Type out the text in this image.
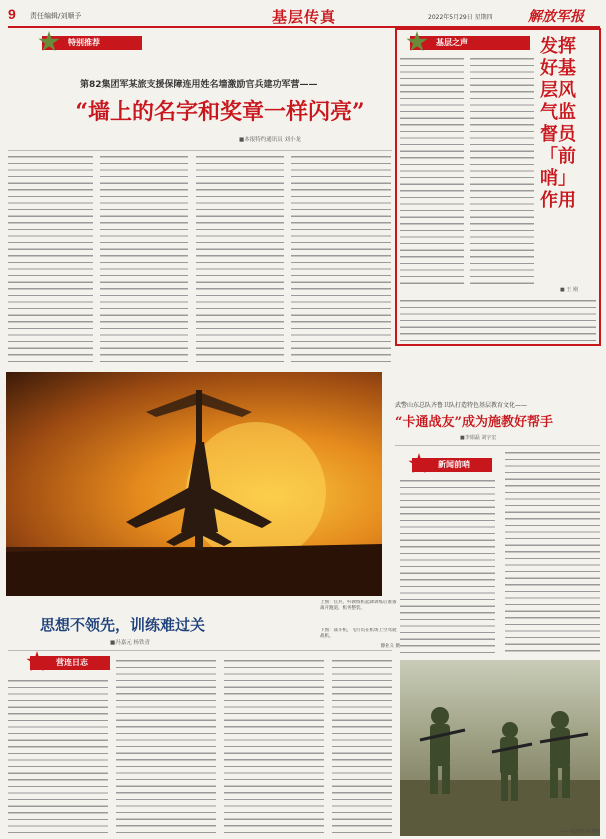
9 责任编辑/刘顺予	基层传真	2022年5月29日 星期四	解放军报
特别推荐
第82集团军某旅支援保障连用姓名墙激励官兵建功军营——
“墙上的名字和奖章一样闪亮”
■本报特约通讯员 刘小龙
基层之声	发挥好基层风气监督员「前哨」作用
■ 王 刚
上图：官兵，歼教练机起降训练后准备离开跑道，机务整装。
下图：战斗机，飞行员在机场上空驾驶战机。
滕业义 摄
武警山东总队齐鲁卫队打造特色基层教育文化——
“卡通战友”成为施教好帮手
■李娟磊 刘宇宏
新闻前哨
思想不领先，训练难过关
■冯嘉元 杨铁青
营连日志
——某部官兵训练
